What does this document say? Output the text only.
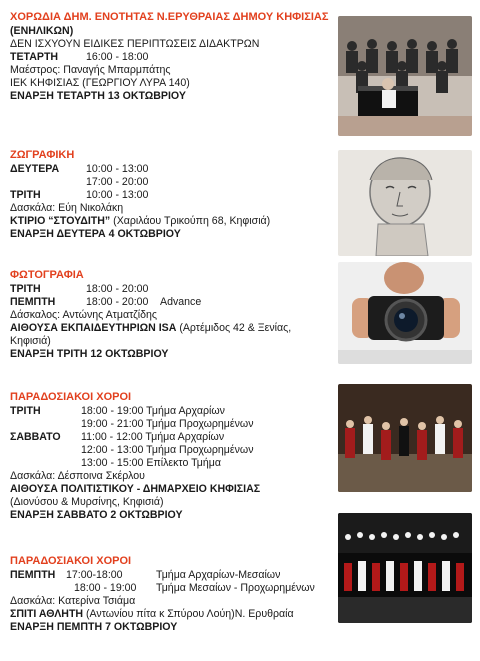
ΧΟΡΩΔΙΑ ΔΗΜ. ΕΝΟΤΗΤΑΣ Ν.ΕΡΥΘΡΑΙΑΣ ΔΗΜΟΥ ΚΗΦΙΣΙΑΣ
(ΕΝΗΛΙΚΩΝ)
ΔΕΝ ΙΣΧΥΟΥΝ ΕΙΔΙΚΕΣ ΠΕΡΙΠΤΩΣΕΙΣ ΔΙΔΑΚΤΡΩΝ
ΤΕΤΑΡΤΗ	16:00 - 18:00
Μαέστρος: Παναγής Μπαρμπάτης
ΙΕΚ ΚΗΦΙΣΙΑΣ (ΓΕΩΡΓΙΟΥ ΛΥΡΑ 140)
ΕΝΑΡΞΗ ΤΕΤΑΡΤΗ 13 ΟΚΤΩΒΡΙΟΥ
ΖΩΓΡΑΦΙΚΗ
ΔΕΥΤΕΡΑ	10:00 - 13:00
17:00 - 20:00
ΤΡΙΤΗ	10:00 - 13:00
Δασκάλα: Εύη Νικολάκη
ΚΤΙΡΙΟ “ΣΤΟΥΔΙΤΗ” (Χαριλάου Τρικούπη 68, Κηφισιά)
ΕΝΑΡΞΗ ΔΕΥΤΕΡΑ 4 ΟΚΤΩΒΡΙΟΥ
ΦΩΤΟΓΡΑΦΙΑ
ΤΡΙΤΗ	18:00 - 20:00
ΠΕΜΠΤΗ	18:00 - 20:00 Advance
Δάσκαλος: Αντώνης Ατματζίδης
ΑΙΘΟΥΣΑ ΕΚΠΑΙΔΕΥΤΗΡΙΩΝ ISA (Αρτέμιδος 42 & Ξενίας, Κηφισιά)
ΕΝΑΡΞΗ ΤΡΙΤΗ 12 ΟΚΤΩΒΡΙΟΥ
ΠΑΡΑΔΟΣΙΑΚΟΙ ΧΟΡΟΙ
ΤΡΙΤΗ	18:00 - 19:00 Τμήμα Αρχαρίων
19:00 - 21:00 Τμήμα Προχωρημένων
ΣΑΒΒΑΤΟ 11:00 - 12:00 Τμήμα Αρχαρίων
12:00 - 13:00 Τμήμα Προχωρημένων
13:00 - 15:00 Επίλεκτο Τμήμα
Δασκάλα: Δέσποινα Σκέρλου
ΑΙΘΟΥΣΑ ΠΟΛΙΤΙΣΤΙΚΟΥ - ΔΗΜΑΡΧΕΙΟ ΚΗΦΙΣΙΑΣ
(Διονύσου & Μυρσίνης, Κηφισιά)
ΕΝΑΡΞΗ ΣΑΒΒΑΤΟ 2 ΟΚΤΩΒΡΙΟΥ
ΠΑΡΑΔΟΣΙΑΚΟΙ ΧΟΡΟΙ
ΠΕΜΠΤΗ 17:00-18:00	Τμήμα Αρχαρίων-Μεσαίων
18:00 - 19:00 Τμήμα Μεσαίων - Προχωρημένων
Δασκάλα: Κατερίνα Τσιάμα
ΣΠΙΤΙ ΑΘΛΗΤΗ (Αντωνίου πίτα κ Σπύρου Λούη)Ν. Ερυθραία
ΕΝΑΡΞΗ ΠΕΜΠΤΗ 7 ΟΚΤΩΒΡΙΟΥ
